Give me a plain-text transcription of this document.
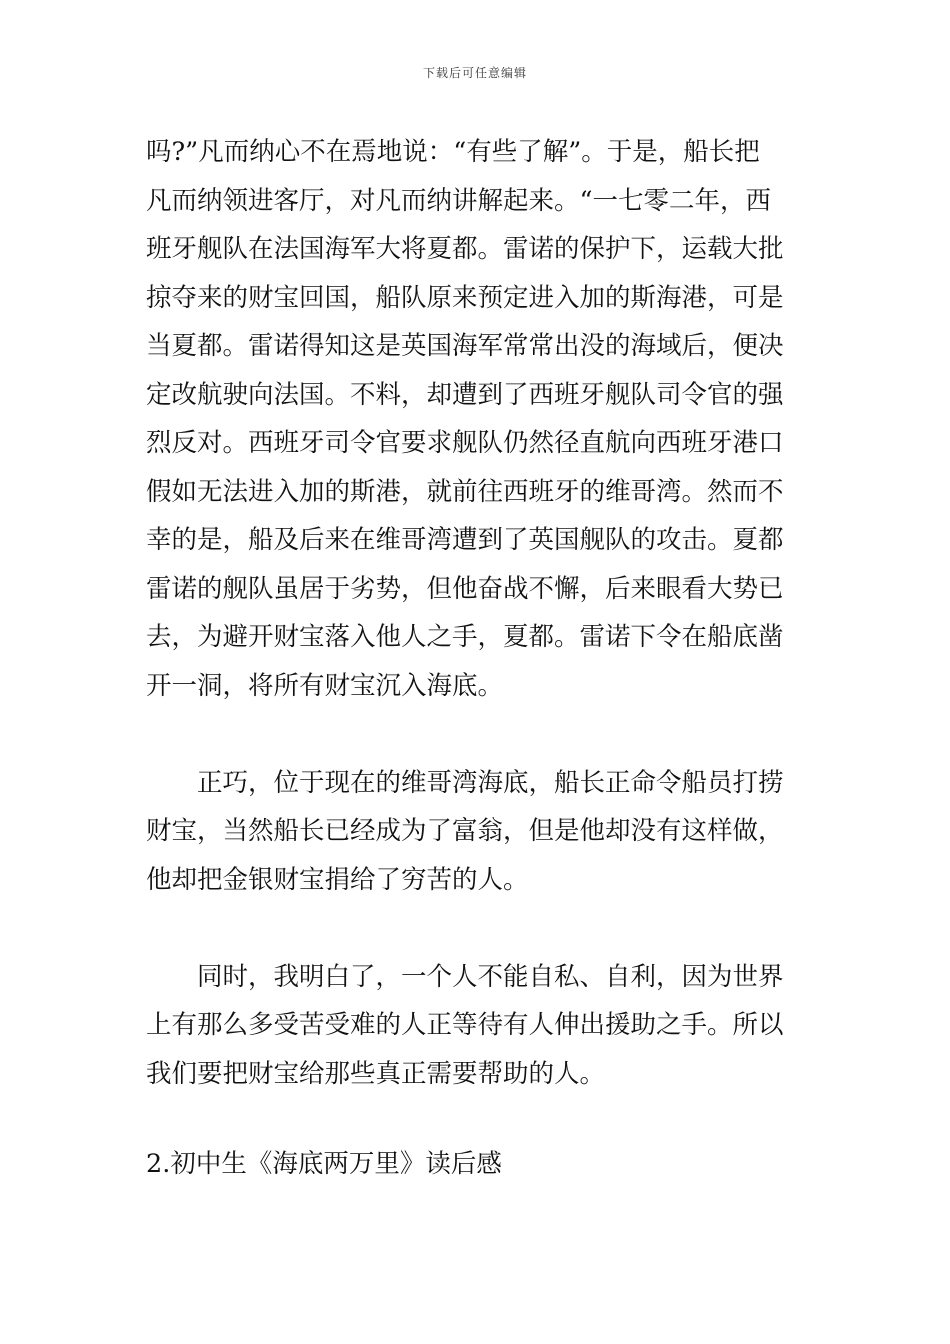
下载后可任意编辑

吗?”凡而纳心不在焉地说：“有些了解”。于是，船长把
凡而纳领进客厅，对凡而纳讲解起来。“一七零二年，西
班牙舰队在法国海军大将夏都。雷诺的保护下，运载大批
掠夺来的财宝回国，船队原来预定进入加的斯海港，可是
当夏都。雷诺得知这是英国海军常常出没的海域后，便决
定改航驶向法国。不料，却遭到了西班牙舰队司令官的强
烈反对。西班牙司令官要求舰队仍然径直航向西班牙港口
假如无法进入加的斯港，就前往西班牙的维哥湾。然而不
幸的是，船及后来在维哥湾遭到了英国舰队的攻击。夏都
雷诺的舰队虽居于劣势，但他奋战不懈，后来眼看大势已
去，为避开财宝落入他人之手，夏都。雷诺下令在船底凿
开一洞，将所有财宝沉入海底。

正巧，位于现在的维哥湾海底，船长正命令船员打捞
财宝，当然船长已经成为了富翁，但是他却没有这样做，
他却把金银财宝捐给了穷苦的人。

同时，我明白了，一个人不能自私、自利，因为世界
上有那么多受苦受难的人正等待有人伸出援助之手。所以
我们要把财宝给那些真正需要帮助的人。

2.初中生《海底两万里》读后感
